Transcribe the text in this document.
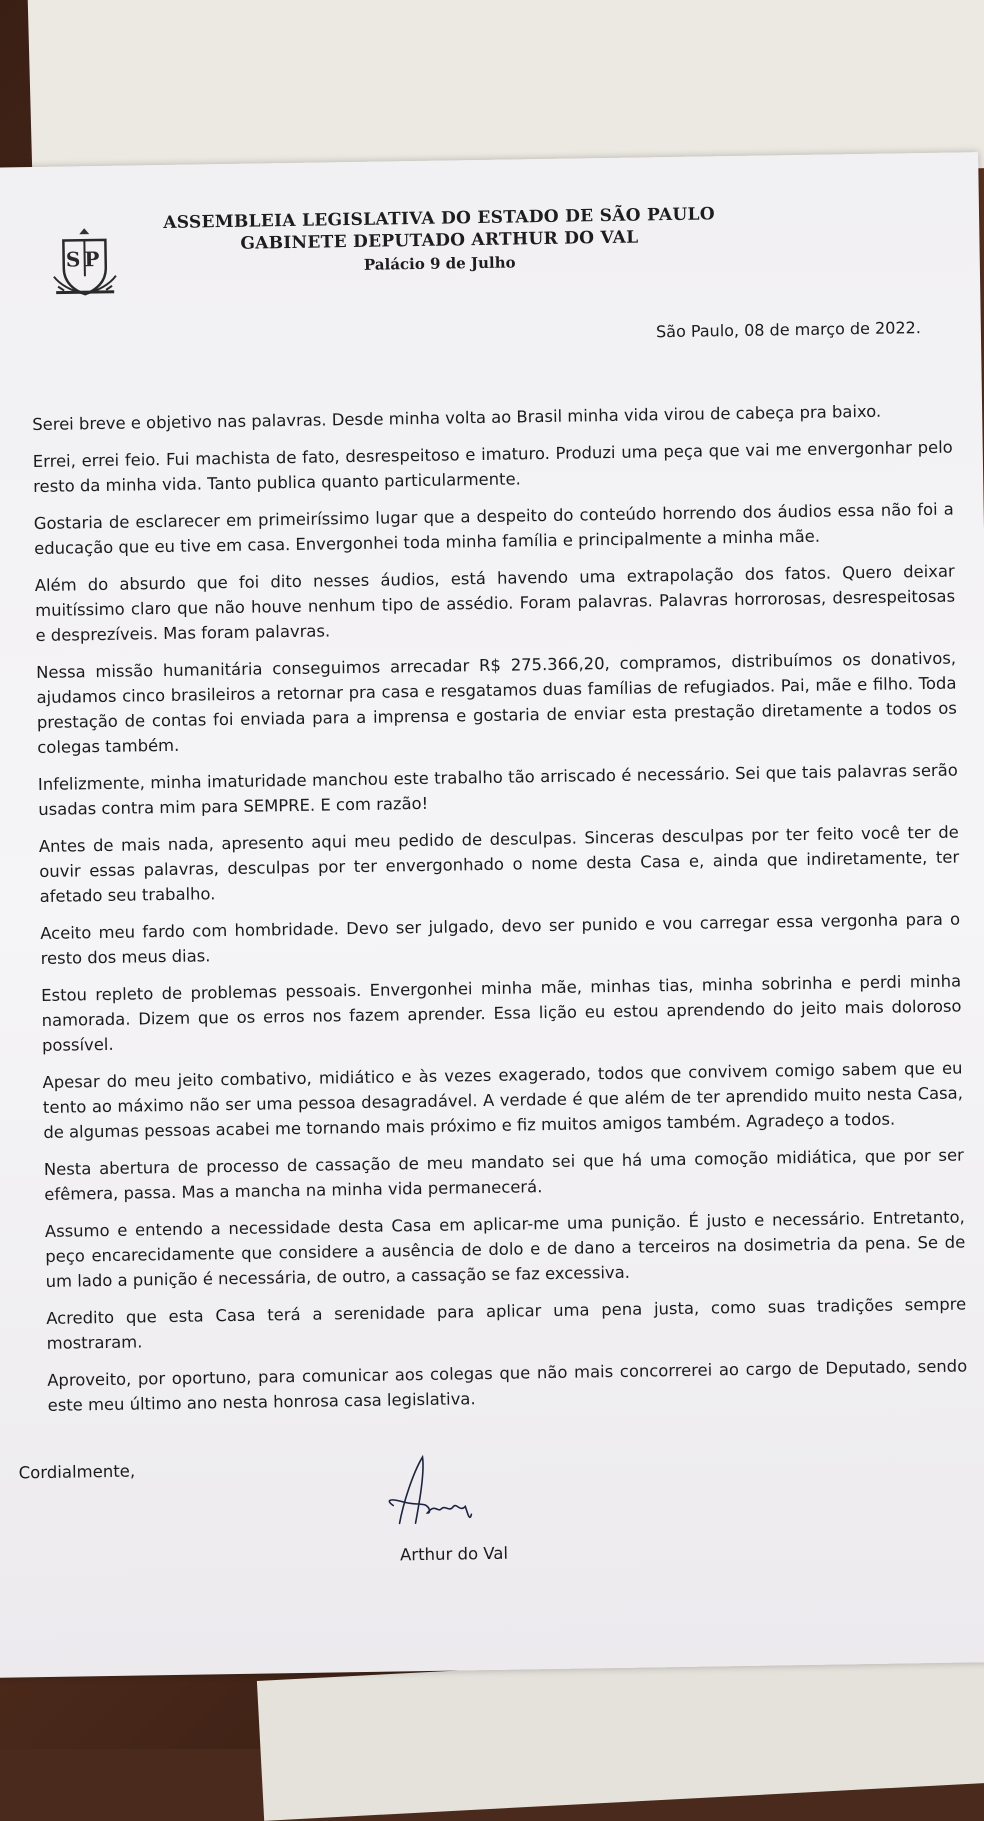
SP
ASSEMBLEIA LEGISLATIVA DO ESTADO DE SÃO PAULO
GABINETE DEPUTADO ARTHUR DO VAL
Palácio 9 de Julho
São Paulo, 08 de março de 2022.

Serei breve e objetivo nas palavras. Desde minha volta ao Brasil minha vida virou de cabeça pra baixo.

Errei, errei feio. Fui machista de fato, desrespeitoso e imaturo. Produzi uma peça que vai me envergonhar pelo resto da minha vida. Tanto publica quanto particularmente.

Gostaria de esclarecer em primeiríssimo lugar que a despeito do conteúdo horrendo dos áudios essa não foi a educação que eu tive em casa. Envergonhei toda minha família e principalmente a minha mãe.

Além do absurdo que foi dito nesses áudios, está havendo uma extrapolação dos fatos. Quero deixar muitíssimo claro que não houve nenhum tipo de assédio. Foram palavras. Palavras horrorosas, desrespeitosas e desprezíveis. Mas foram palavras.

Nessa missão humanitária conseguimos arrecadar R$ 275.366,20, compramos, distribuímos os donativos, ajudamos cinco brasileiros a retornar pra casa e resgatamos duas famílias de refugiados. Pai, mãe e filho. Toda prestação de contas foi enviada para a imprensa e gostaria de enviar esta prestação diretamente a todos os colegas também.

Infelizmente, minha imaturidade manchou este trabalho tão arriscado é necessário. Sei que tais palavras serão usadas contra mim para SEMPRE. E com razão!

Antes de mais nada, apresento aqui meu pedido de desculpas. Sinceras desculpas por ter feito você ter de ouvir essas palavras, desculpas por ter envergonhado o nome desta Casa e, ainda que indiretamente, ter afetado seu trabalho.

Aceito meu fardo com hombridade. Devo ser julgado, devo ser punido e vou carregar essa vergonha para o resto dos meus dias.

Estou repleto de problemas pessoais. Envergonhei minha mãe, minhas tias, minha sobrinha e perdi minha namorada. Dizem que os erros nos fazem aprender. Essa lição eu estou aprendendo do jeito mais doloroso possível.

Apesar do meu jeito combativo, midiático e às vezes exagerado, todos que convivem comigo sabem que eu tento ao máximo não ser uma pessoa desagradável. A verdade é que além de ter aprendido muito nesta Casa, de algumas pessoas acabei me tornando mais próximo e fiz muitos amigos também. Agradeço a todos.

Nesta abertura de processo de cassação de meu mandato sei que há uma comoção midiática, que por ser efêmera, passa. Mas a mancha na minha vida permanecerá.

Assumo e entendo a necessidade desta Casa em aplicar-me uma punição. É justo e necessário. Entretanto, peço encarecidamente que considere a ausência de dolo e de dano a terceiros na dosimetria da pena. Se de um lado a punição é necessária, de outro, a cassação se faz excessiva.

Acredito que esta Casa terá a serenidade para aplicar uma pena justa, como suas tradições sempre mostraram.

Aproveito, por oportuno, para comunicar aos colegas que não mais concorrerei ao cargo de Deputado, sendo este meu último ano nesta honrosa casa legislativa.

Cordialmente,
Arthur do Val
